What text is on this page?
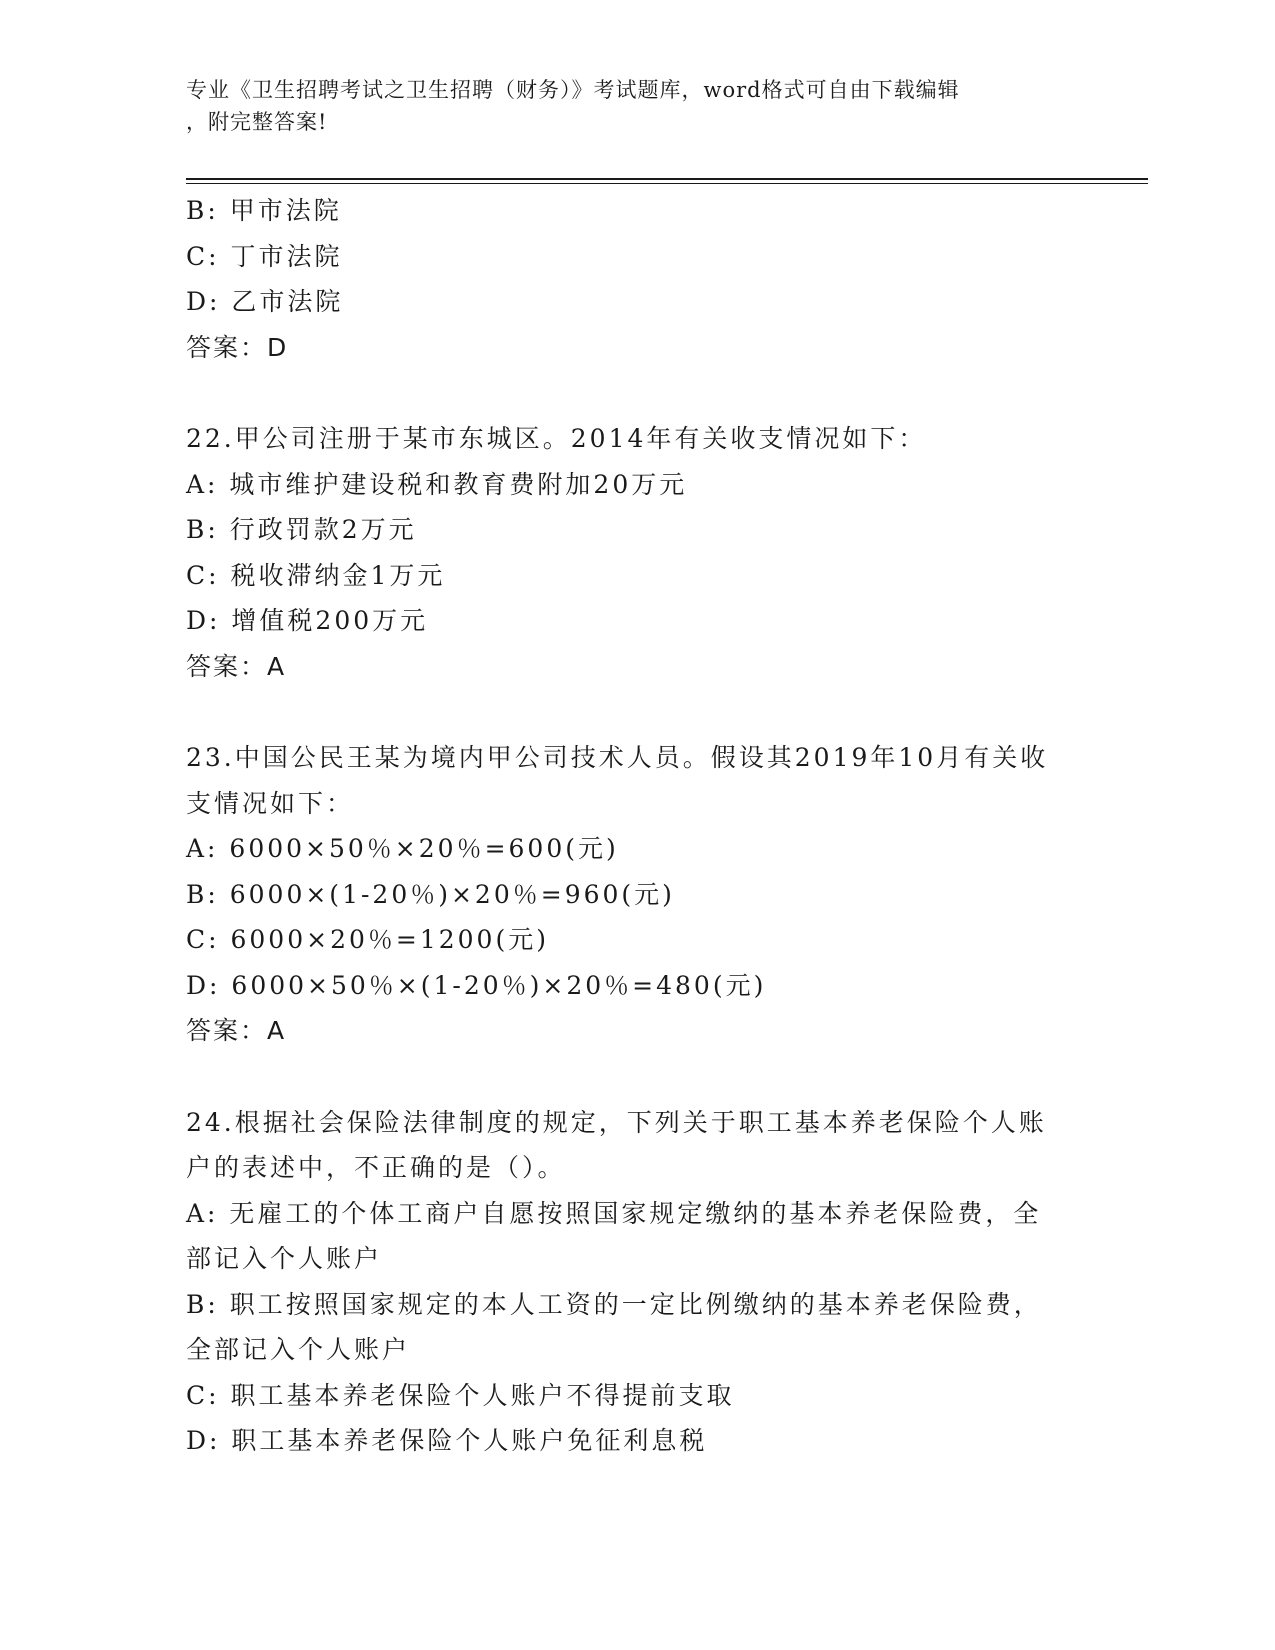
专业《卫生招聘考试之卫生招聘（财务）》考试题库，word格式可自由下载编辑
，附完整答案!
B: 甲市法院
C: 丁市法院
D: 乙市法院
答案：D
22.甲公司注册于某市东城区。2014年有关收支情况如下：
A: 城市维护建设税和教育费附加20万元
B: 行政罚款2万元
C: 税收滞纳金1万元
D: 增值税200万元
答案：A
23.中国公民王某为境内甲公司技术人员。假设其2019年10月有关收
支情况如下：
A: 6000×50％×20％=600(元)
B: 6000×(1-20％)×20％=960(元)
C: 6000×20％=1200(元)
D: 6000×50％×(1-20％)×20％=480(元)
答案：A
24.根据社会保险法律制度的规定，下列关于职工基本养老保险个人账
户的表述中，不正确的是（）。
A: 无雇工的个体工商户自愿按照国家规定缴纳的基本养老保险费，全
部记入个人账户
B: 职工按照国家规定的本人工资的一定比例缴纳的基本养老保险费，
全部记入个人账户
C: 职工基本养老保险个人账户不得提前支取
D: 职工基本养老保险个人账户免征利息税
